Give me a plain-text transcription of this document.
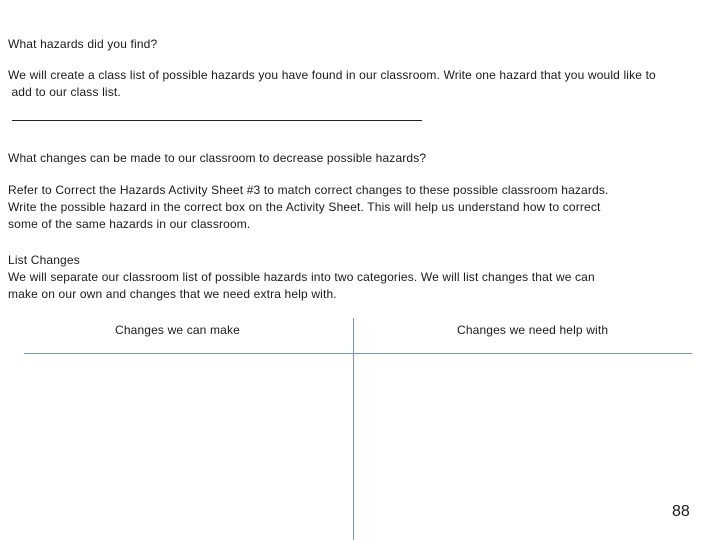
What hazards did you find?
We will create a class list of possible hazards you have found in our classroom. Write one hazard that you would like to
add to our class list.
What changes can be made to our classroom to decrease possible hazards?
Refer to Correct the Hazards Activity Sheet #3 to match correct changes to these possible classroom hazards.
Write the possible hazard in the correct box on the Activity Sheet. This will help us understand how to correct
some of the same hazards in our classroom.
List Changes
We will separate our classroom list of possible hazards into two categories. We will list changes that we can
make on our own and changes that we need extra help with.
Changes we can make	Changes we need help with
88
